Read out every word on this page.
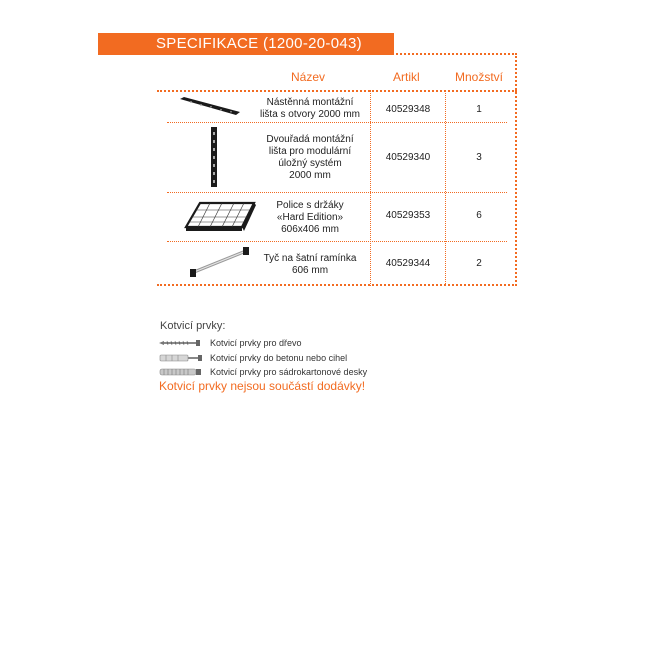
SPECIFIKACE (1200-20-043)
Název	Artikl	Množství
Nástěnná montážní
lišta s otvory 2000 mm	40529348	1
Dvouřadá montážní
lišta pro modulární
úložný systém
2000 mm
40529340	3
Police s držáky
«Hard Edition»
606x406 mm
40529353	6
Tyč na šatní ramínka
606 mm
40529344	2
Kotvicí prvky:
Kotvicí prvky pro dřevo
Kotvicí prvky do betonu nebo cihel
Kotvicí prvky pro sádrokartonové desky
Kotvicí prvky nejsou součástí dodávky!
